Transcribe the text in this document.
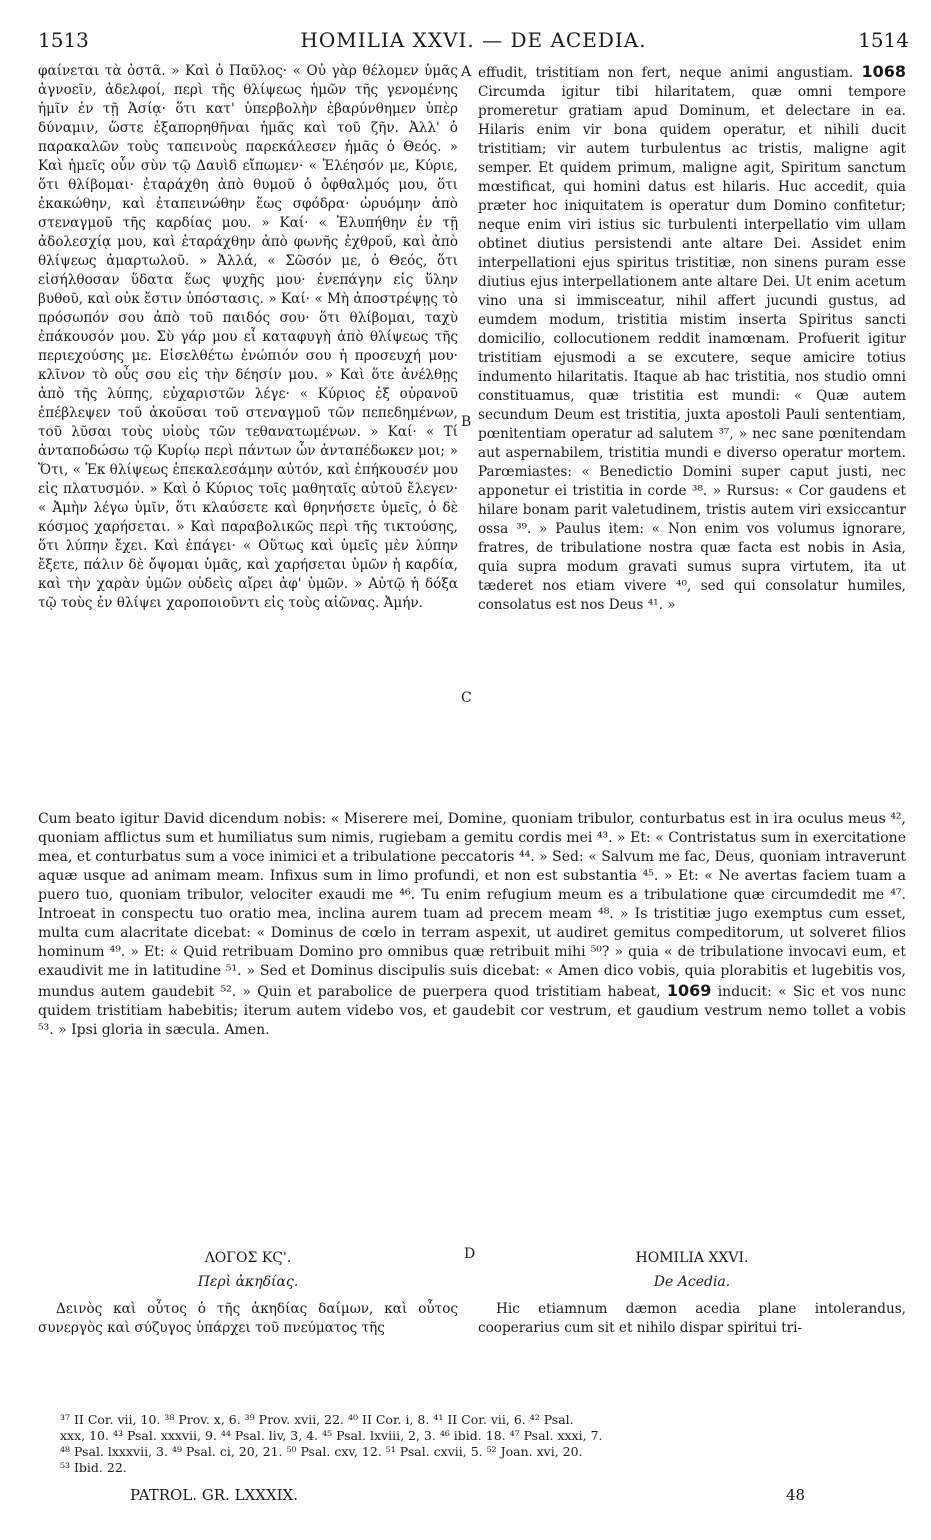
1513	HOMILIA XXVI. — DE ACEDIA.	1514

φαίνεται τὰ ὀστᾶ. » Καὶ ὁ Παῦλος· « Οὐ γὰρ θέλομεν ὑμᾶς ἀγνοεῖν, ἀδελφοί, περὶ τῆς θλίψεως ἡμῶν τῆς γενομένης ἡμῖν ἐν τῇ Ἀσίᾳ· ὅτι κατ' ὑπερβολὴν ἐβαρύνθημεν ὑπὲρ δύναμιν, ὥστε ἐξαπορηθῆναι ἡμᾶς καὶ τοῦ ζῆν. Ἀλλ' ὁ παρακαλῶν τοὺς ταπεινοὺς παρεκάλεσεν ἡμᾶς ὁ Θεός. » Καὶ ἡμεῖς οὖν σὺν τῷ Δαυὶδ εἴπωμεν· « Ἐλέησόν με, Κύριε, ὅτι θλίβομαι· ἐταράχθη ἀπὸ θυμοῦ ὁ ὀφθαλμός μου, ὅτι ἐκακώθην, καὶ ἐταπεινώθην ἕως σφόδρα· ὠρυόμην ἀπὸ στεναγμοῦ τῆς καρδίας μου. » Καί· « Ἐλυπήθην ἐν τῇ ἀδολεσχίᾳ μου, καὶ ἐταράχθην ἀπὸ φωνῆς ἐχθροῦ, καὶ ἀπὸ θλίψεως ἁμαρτωλοῦ. » Ἀλλά, « Σῶσόν με, ὁ Θεός, ὅτι εἰσήλθοσαν ὕδατα ἕως ψυχῆς μου· ἐνεπάγην εἰς ὕλην βυθοῦ, καὶ οὐκ ἔστιν ὑπόστασις. » Καί· « Μὴ ἀποστρέψῃς τὸ πρόσωπόν σου ἀπὸ τοῦ παιδός σου· ὅτι θλίβομαι, ταχὺ ἐπάκουσόν μου. Σὺ γάρ μου εἶ καταφυγὴ ἀπὸ θλίψεως τῆς περιεχούσης με. Εἰσελθέτω ἐνώπιόν σου ἡ προσευχή μου· κλῖνον τὸ οὖς σου εἰς τὴν δέησίν μου. » Καὶ ὅτε ἀνέλθῃς ἀπὸ τῆς λύπης, εὐχαριστῶν λέγε· « Κύριος ἐξ οὐρανοῦ ἐπέβλεψεν τοῦ ἀκοῦσαι τοῦ στεναγμοῦ τῶν πεπεδημένων, τοῦ λῦσαι τοὺς υἱοὺς τῶν τεθανατωμένων. » Καί· « Τί ἀνταποδώσω τῷ Κυρίῳ περὶ πάντων ὧν ἀνταπέδωκεν μοι; » Ὅτι, « Ἐκ θλίψεως ἐπεκαλεσάμην αὐτόν, καὶ ἐπήκουσέν μου εἰς πλατυσμόν. » Καὶ ὁ Κύριος τοῖς μαθηταῖς αὐτοῦ ἔλεγεν· « Ἀμὴν λέγω ὑμῖν, ὅτι κλαύσετε καὶ θρηνήσετε ὑμεῖς, ὁ δὲ κόσμος χαρήσεται. » Καὶ παραβολικῶς περὶ τῆς τικτούσης, ὅτι λύπην ἔχει. Καὶ ἐπάγει· « Οὕτως καὶ ὑμεῖς μὲν λύπην ἔξετε, πάλιν δὲ ὄψομαι ὑμᾶς, καὶ χαρήσεται ὑμῶν ἡ καρδία, καὶ τὴν χαρὰν ὑμῶν οὐδεὶς αἴρει ἀφ' ὑμῶν. » Αὐτῷ ἡ δόξα τῷ τοὺς ἐν θλίψει χαροποιοῦντι εἰς τοὺς αἰῶνας. Ἀμήν.

A
B
C
D

effudit, tristitiam non fert, neque animi angustiam. 1068 Circumda igitur tibi hilaritatem, quæ omni tempore promeretur gratiam apud Dominum, et delectare in ea. Hilaris enim vir bona quidem operatur, et nihili ducit tristitiam; vir autem turbulentus ac tristis, maligne agit semper. Et quidem primum, maligne agit, Spiritum sanctum mœstificat, qui homini datus est hilaris. Huc accedit, quia præter hoc iniquitatem is operatur dum Domino confitetur; neque enim viri istius sic turbulenti interpellatio vim ullam obtinet diutius persistendi ante altare Dei. Assidet enim interpellationi ejus spiritus tristitiæ, non sinens puram esse diutius ejus interpellationem ante altare Dei. Ut enim acetum vino una si immisceatur, nihil affert jucundi gustus, ad eumdem modum, tristitia mistim inserta Spiritus sancti domicilio, collocutionem reddit inamœnam. Profuerit igitur tristitiam ejusmodi a se excutere, seque amicire totius indumento hilaritatis. Itaque ab hac tristitia, nos studio omni constituamus, quæ tristitia est mundi: « Quæ autem secundum Deum est tristitia, juxta apostoli Pauli sententiam, pœnitentiam operatur ad salutem ³⁷, » nec sane pœnitendam aut aspernabilem, tristitia mundi e diverso operatur mortem. Parœmiastes: « Benedictio Domini super caput justi, nec apponetur ei tristitia in corde ³⁸. » Rursus: « Cor gaudens et hilare bonam parit valetudinem, tristis autem viri exsiccantur ossa ³⁹. » Paulus item: « Non enim vos volumus ignorare, fratres, de tribulatione nostra quæ facta est nobis in Asia, quia supra modum gravati sumus supra virtutem, ita ut tæderet nos etiam vivere ⁴⁰, sed qui consolatur humiles, consolatus est nos Deus ⁴¹. »

Cum beato igitur David dicendum nobis: « Miserere mei, Domine, quoniam tribulor, conturbatus est in ira oculus meus ⁴², quoniam afflictus sum et humiliatus sum nimis, rugiebam a gemitu cordis mei ⁴³. » Et: « Contristatus sum in exercitatione mea, et conturbatus sum a voce inimici et a tribulatione peccatoris ⁴⁴. » Sed: « Salvum me fac, Deus, quoniam intraverunt aquæ usque ad animam meam. Infixus sum in limo profundi, et non est substantia ⁴⁵. » Et: « Ne avertas faciem tuam a puero tuo, quoniam tribulor, velociter exaudi me ⁴⁶. Tu enim refugium meum es a tribulatione quæ circumdedit me ⁴⁷. Introeat in conspectu tuo oratio mea, inclina aurem tuam ad precem meam ⁴⁸. » Is tristitiæ jugo exemptus cum esset, multa cum alacritate dicebat: « Dominus de cœlo in terram aspexit, ut audiret gemitus compeditorum, ut solveret filios hominum ⁴⁹. » Et: « Quid retribuam Domino pro omnibus quæ retribuit mihi ⁵⁰? » quia « de tribulatione invocavi eum, et exaudivit me in latitudine ⁵¹. » Sed et Dominus discipulis suis dicebat: « Amen dico vobis, quia plorabitis et lugebitis vos, mundus autem gaudebit ⁵². » Quin et parabolice de puerpera quod tristitiam habeat, 1069 inducit: « Sic et vos nunc quidem tristitiam habebitis; iterum autem videbo vos, et gaudebit cor vestrum, et gaudium vestrum nemo tollet a vobis ⁵³. » Ipsi gloria in sæcula. Amen.

ΛΟΓΟΣ ΚϚ'.
Περὶ ἀκηδίας.
HOMILIA XXVI.
De Acedia.
Δεινὸς καὶ οὗτος ὁ τῆς ἀκηδίας δαίμων, καὶ οὗτος συνεργὸς καὶ σύζυγος ὑπάρχει τοῦ πνεύματος τῆς
Hic etiamnum dæmon acedia plane intolerandus, cooperarius cum sit et nihilo dispar spiritui tri-
³⁷ II Cor. vii, 10. ³⁸ Prov. x, 6. ³⁹ Prov. xvii, 22. ⁴⁰ II Cor. i, 8. ⁴¹ II Cor. vii, 6. ⁴² Psal.
xxx, 10. ⁴³ Psal. xxxvii, 9. ⁴⁴ Psal. liv, 3, 4. ⁴⁵ Psal. lxviii, 2, 3. ⁴⁶ ibid. 18. ⁴⁷ Psal. xxxi, 7.
⁴⁸ Psal. lxxxvii, 3. ⁴⁹ Psal. ci, 20, 21. ⁵⁰ Psal. cxv, 12. ⁵¹ Psal. cxvii, 5. ⁵² Joan. xvi, 20.
⁵³ Ibid. 22.
PATROL. GR. LXXXIX.	48
